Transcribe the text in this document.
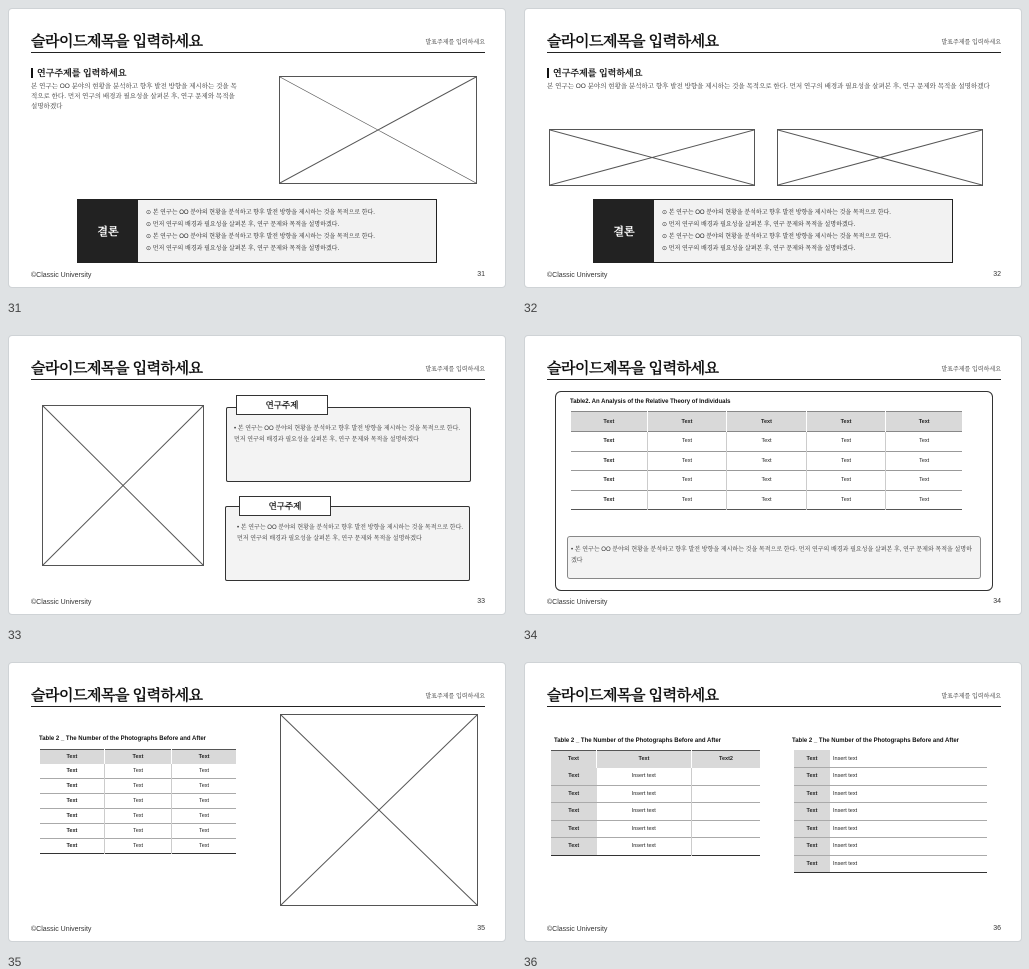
슬라이드제목을 입력하세요	발표주제를 입력하세요
연구주제를 입력하세요
본 연구는 OO 분야의 현황을 분석하고 향후 발전 방향을 제시하는 것을 목적으로 한다. 먼저 연구의 배경과 필요성을 살펴본 후, 연구 문제와 목적을 설명하겠다
결론
⊙ 본 연구는 OO 분야의 현황을 분석하고 향후 발전 방향을 제시하는 것을 목적으로 한다.
⊙ 먼저 연구의 배경과 필요성을 살펴본 후, 연구 문제와 목적을 설명하겠다.
⊙ 본 연구는 OO 분야의 현황을 분석하고 향후 발전 방향을 제시하는 것을 목적으로 한다.
⊙ 먼저 연구의 배경과 필요성을 살펴본 후, 연구 문제와 목적을 설명하겠다.
©Classic University	31
31
슬라이드제목을 입력하세요	발표주제를 입력하세요
연구주제를 입력하세요
본 연구는 OO 분야의 현황을 분석하고 향후 발전 방향을 제시하는 것을 목적으로 한다. 먼저 연구의 배경과 필요성을 살펴본 후, 연구 문제와 목적을 설명하겠다
결론
⊙ 본 연구는 OO 분야의 현황을 분석하고 향후 발전 방향을 제시하는 것을 목적으로 한다.
⊙ 먼저 연구의 배경과 필요성을 살펴본 후, 연구 문제와 목적을 설명하겠다.
⊙ 본 연구는 OO 분야의 현황을 분석하고 향후 발전 방향을 제시하는 것을 목적으로 한다.
⊙ 먼저 연구의 배경과 필요성을 살펴본 후, 연구 문제와 목적을 설명하겠다.
©Classic University	32
32
슬라이드제목을 입력하세요	발표주제를 입력하세요
연구주제
• 본 연구는 OO 분야의 현황을 분석하고 향후 발전 방향을 제시하는 것을 목적으로 한다. 먼저 연구의 배경과 필요성을 살펴본 후, 연구 문제와 목적을 설명하겠다
연구주제
• 본 연구는 OO 분야의 현황을 분석하고 향후 발전 방향을 제시하는 것을 목적으로 한다. 먼저 연구의 배경과 필요성을 살펴본 후, 연구 문제와 목적을 설명하겠다
©Classic University	33
33
슬라이드제목을 입력하세요	발표주제를 입력하세요
Table2. An Analysis of the Relative Theory of Individuals
Text	Text	Text	Text	Text
Text	Text	Text	Text	Text
Text	Text	Text	Text	Text
Text	Text	Text	Text	Text
Text	Text	Text	Text	Text
• 본 연구는 OO 분야의 현황을 분석하고 향후 발전 방향을 제시하는 것을 목적으로 한다. 먼저 연구의 배경과 필요성을 살펴본 후, 연구 문제와 목적을 설명하겠다
©Classic University	34
34
슬라이드제목을 입력하세요	발표주제를 입력하세요
Table 2 _ The Number of the Photographs Before and After
Text	Text	Text
Text	Text	Text
Text	Text	Text
Text	Text	Text
Text	Text	Text
Text	Text	Text
Text	Text	Text
©Classic University	35
35
슬라이드제목을 입력하세요	발표주제를 입력하세요
Table 2 _ The Number of the Photographs Before and After
Text	Text	Text2
Text	Insert text	
Text	Insert text	
Text	Insert text	
Text	Insert text	
Text	Insert text	
Table 2 _ The Number of the Photographs Before and After
Text	Insert text
Text	Insert text
Text	Insert text
Text	Insert text
Text	Insert text
Text	Insert text
Text	Insert text
©Classic University	36
36
